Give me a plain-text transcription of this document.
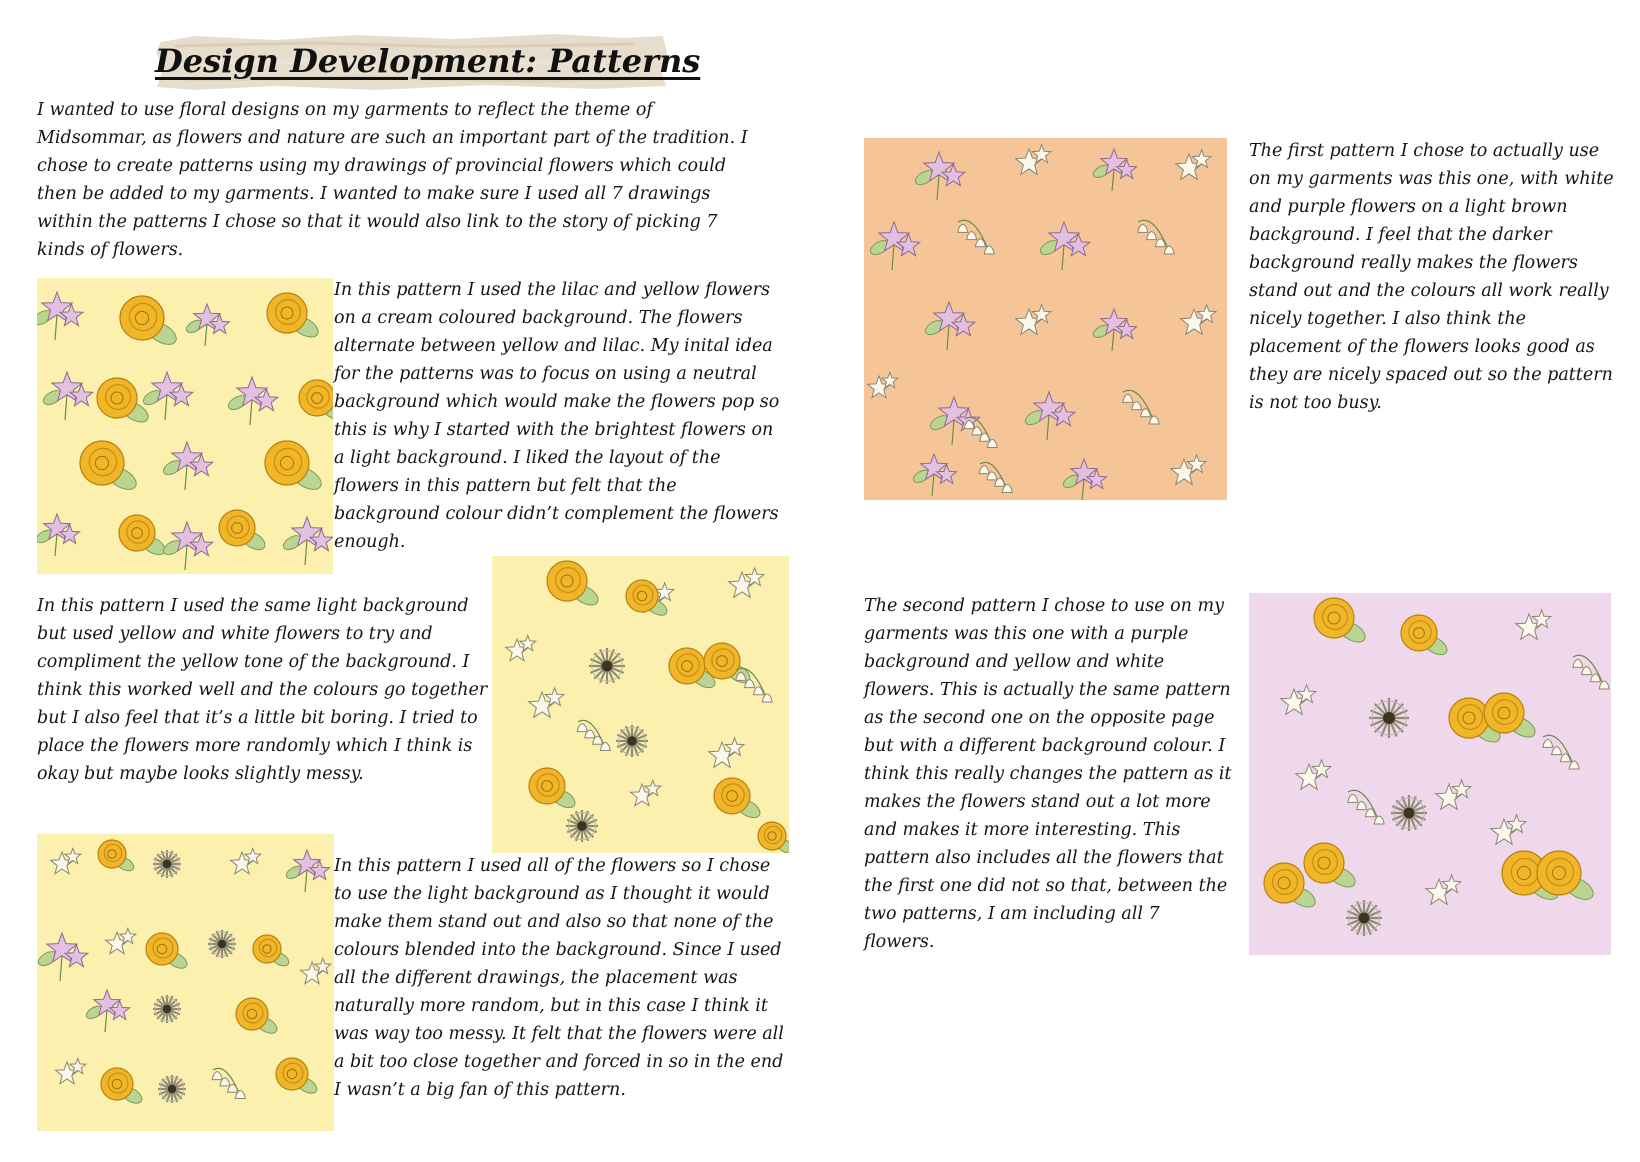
Design Development: Patterns

I wanted to use floral designs on my garments to reflect the theme of Midsommar, as flowers and nature are such an important part of the tradition. I chose to create patterns using my drawings of provincial flowers which could then be added to my garments. I wanted to make sure I used all 7 drawings within the patterns I chose so that it would also link to the story of picking 7 kinds of flowers.

In this pattern I used the lilac and yellow flowers on a cream coloured background. The flowers alternate between yellow and lilac. My inital idea for the patterns was to focus on using a neutral background which would make the flowers pop so this is why I started with the brightest flowers on a light background. I liked the layout of the flowers in this pattern but felt that the background colour didn’t complement the flowers enough.

In this pattern I used the same light background but used yellow and white flowers to try and compliment the yellow tone of the background. I think this worked well and the colours go together but I also feel that it’s a little bit boring. I tried to place the flowers more randomly which I think is okay but maybe looks slightly messy.

In this pattern I used all of the flowers so I chose to use the light background as I thought it would make them stand out and also so that none of the colours blended into the background. Since I used all the different drawings, the placement was naturally more random, but in this case I think it was way too messy. It felt that the flowers were all a bit too close together and forced in so in the end I wasn’t a big fan of this pattern.

The first pattern I chose to actually use on my garments was this one, with white and purple flowers on a light brown background. I feel that the darker background really makes the flowers stand out and the colours all work really nicely together. I also think the placement of the flowers looks good as they are nicely spaced out so the pattern is not too busy.

The second pattern I chose to use on my garments was this one with a purple background and yellow and white flowers. This is actually the same pattern as the second one on the opposite page but with a different background colour. I think this really changes the pattern as it makes the flowers stand out a lot more and makes it more interesting. This pattern also includes all the flowers that the first one did not so that, between the two patterns, I am including all 7 flowers.
